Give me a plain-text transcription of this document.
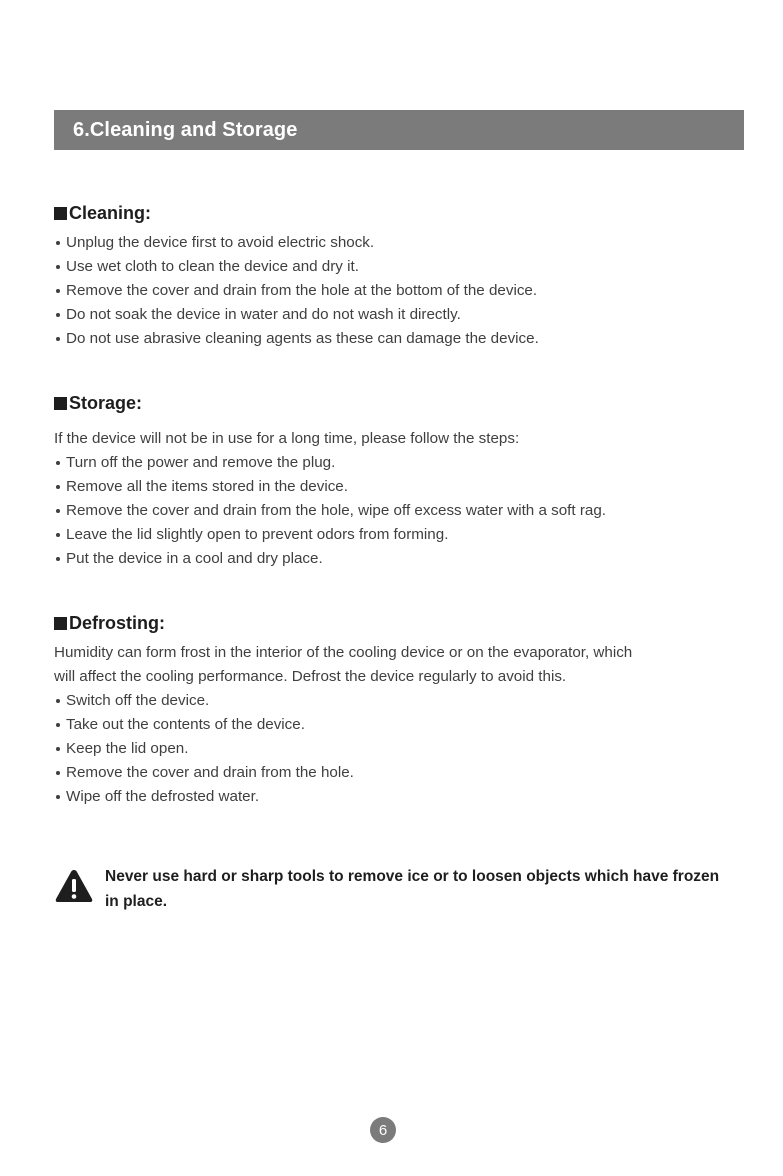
6.Cleaning and Storage
Cleaning:
Unplug the device first to avoid electric shock.
Use wet cloth to clean the device and dry it.
Remove the cover and drain from the hole at the bottom of the device.
Do not soak the device in water and do not wash it directly.
Do not use abrasive cleaning agents as these can damage the device.
Storage:
If the device will not be in use for a long time, please follow the steps:
Turn off the power and remove the plug.
Remove all the items stored in the device.
Remove the cover and drain from the hole, wipe off excess water with a soft rag.
Leave the lid slightly open to prevent odors from forming.
Put the device in a cool and dry place.
Defrosting:
Humidity can form frost in the interior of the cooling device or on the evaporator, which
will affect the cooling performance. Defrost the device regularly to avoid this.
Switch off the device.
Take out the contents of the device.
Keep the lid open.
Remove the cover and drain from the hole.
Wipe off the defrosted water.
Never use hard or sharp tools to remove ice or to loosen objects which have frozen in place.
6
